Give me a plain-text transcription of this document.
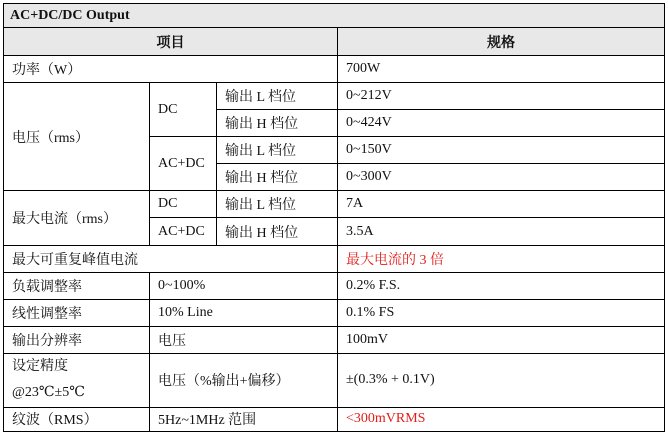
AC+DC/DC Output			
项目			规格
功率（W）			700W
电压（rms）	DC	输出 L 档位	0~212V
		输出 H 档位	0~424V
	AC+DC	输出 L 档位	0~150V
		输出 H 档位	0~300V
最大电流（rms）	DC	输出 L 档位	7A
	AC+DC	输出 H 档位	3.5A
最大可重复峰值电流			最大电流的 3 倍
负载调整率	0~100%		0.2% F.S.
线性调整率	10% Line		0.1% FS
输出分辨率	电压		100mV

设定精度
@23℃±5℃	电压（%输出+偏移）		±(0.3% + 0.1V)
纹波（RMS）	5Hz~1MHz 范围		<300mVRMS
